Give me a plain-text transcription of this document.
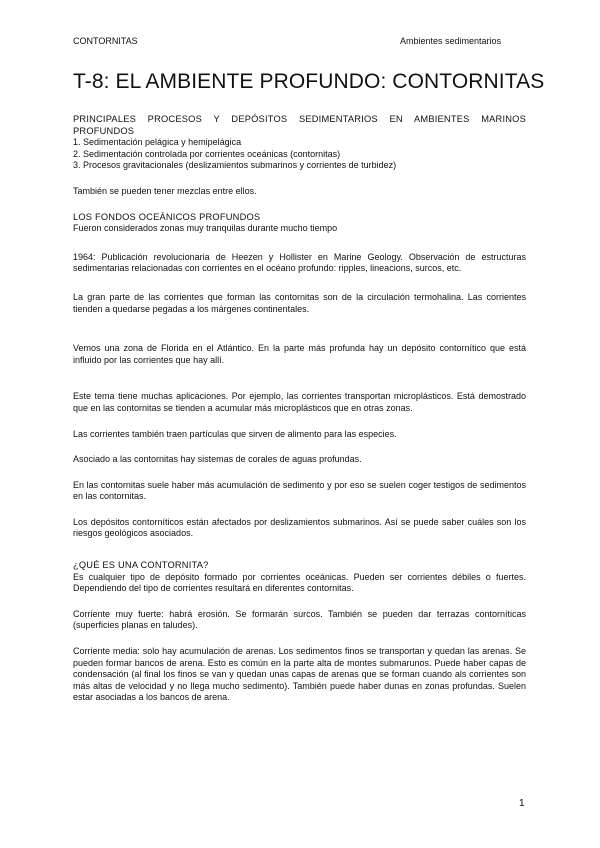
CONTORNITAS	Ambientes sedimentarios
T-8: EL AMBIENTE PROFUNDO: CONTORNITAS

PRINCIPALES PROCESOS Y DEPÓSITOS SEDIMENTARIOS EN AMBIENTES MARINOS PROFUNDOS

1. Sedimentación pelágica y hemipelágica

2. Sedimentación controlada por corrientes oceánicas (contornitas)

3. Procesos gravitacionales (deslizamientos submarinos y corrientes de turbidez)

También se pueden tener mezclas entre ellos.

LOS FONDOS OCEÁNICOS PROFUNDOS

Fueron considerados zonas muy tranquilas durante mucho tiempo

1964: Publicación revolucionaria de Heezen y Hollister en Marine Geology. Observación de estructuras sedimentarias relacionadas con corrientes en el océano profundo: ripples, lineacions, surcos, etc.

La gran parte de las corrientes que forman las contornitas son de la circulación termohalina. Las corrientes tienden a quedarse pegadas a los márgenes continentales.

Vemos una zona de Florida en el Atlántico. En la parte más profunda hay un depósito contornítico que está influido por las corrientes que hay allí.

Este tema tiene muchas aplicaciones. Por ejemplo, las corrientes transportan microplásticos. Está demostrado que en las contornitas se tienden a acumular más microplásticos que en otras zonas.

Las corrientes también traen partículas que sirven de alimento para las especies.

Asociado a las contornitas hay sistemas de corales de aguas profundas.

En las contornitas suele haber más acumulación de sedimento y por eso se suelen coger testigos de sedimentos en las contornitas.

Los depósitos contorníticos están afectados por deslizamientos submarinos. Así se puede saber cuáles son los riesgos geológicos asociados.

¿QUÉ ES UNA CONTORNITA?

Es cualquier tipo de depósito formado por corrientes oceánicas. Pueden ser corrientes débiles o fuertes. Dependiendo del tipo de corrientes resultará en diferentes contornitas.

Corriente muy fuerte: habrá erosión. Se formarán surcos. También se pueden dar terrazas contorníticas (superficies planas en taludes).

Corriente media: solo hay acumulación de arenas. Los sedimentos finos se transportan y quedan las arenas. Se pueden formar bancos de arena. Esto es común en la parte alta de montes submarunos. Puede haber capas de condensación (al final los finos se van y quedan unas capas de arenas que se forman cuando als corrientes son más altas de velocidad y no llega mucho sedimento). También puede haber dunas en zonas profundas. Suelen estar asociadas a los bancos de arena.

1
